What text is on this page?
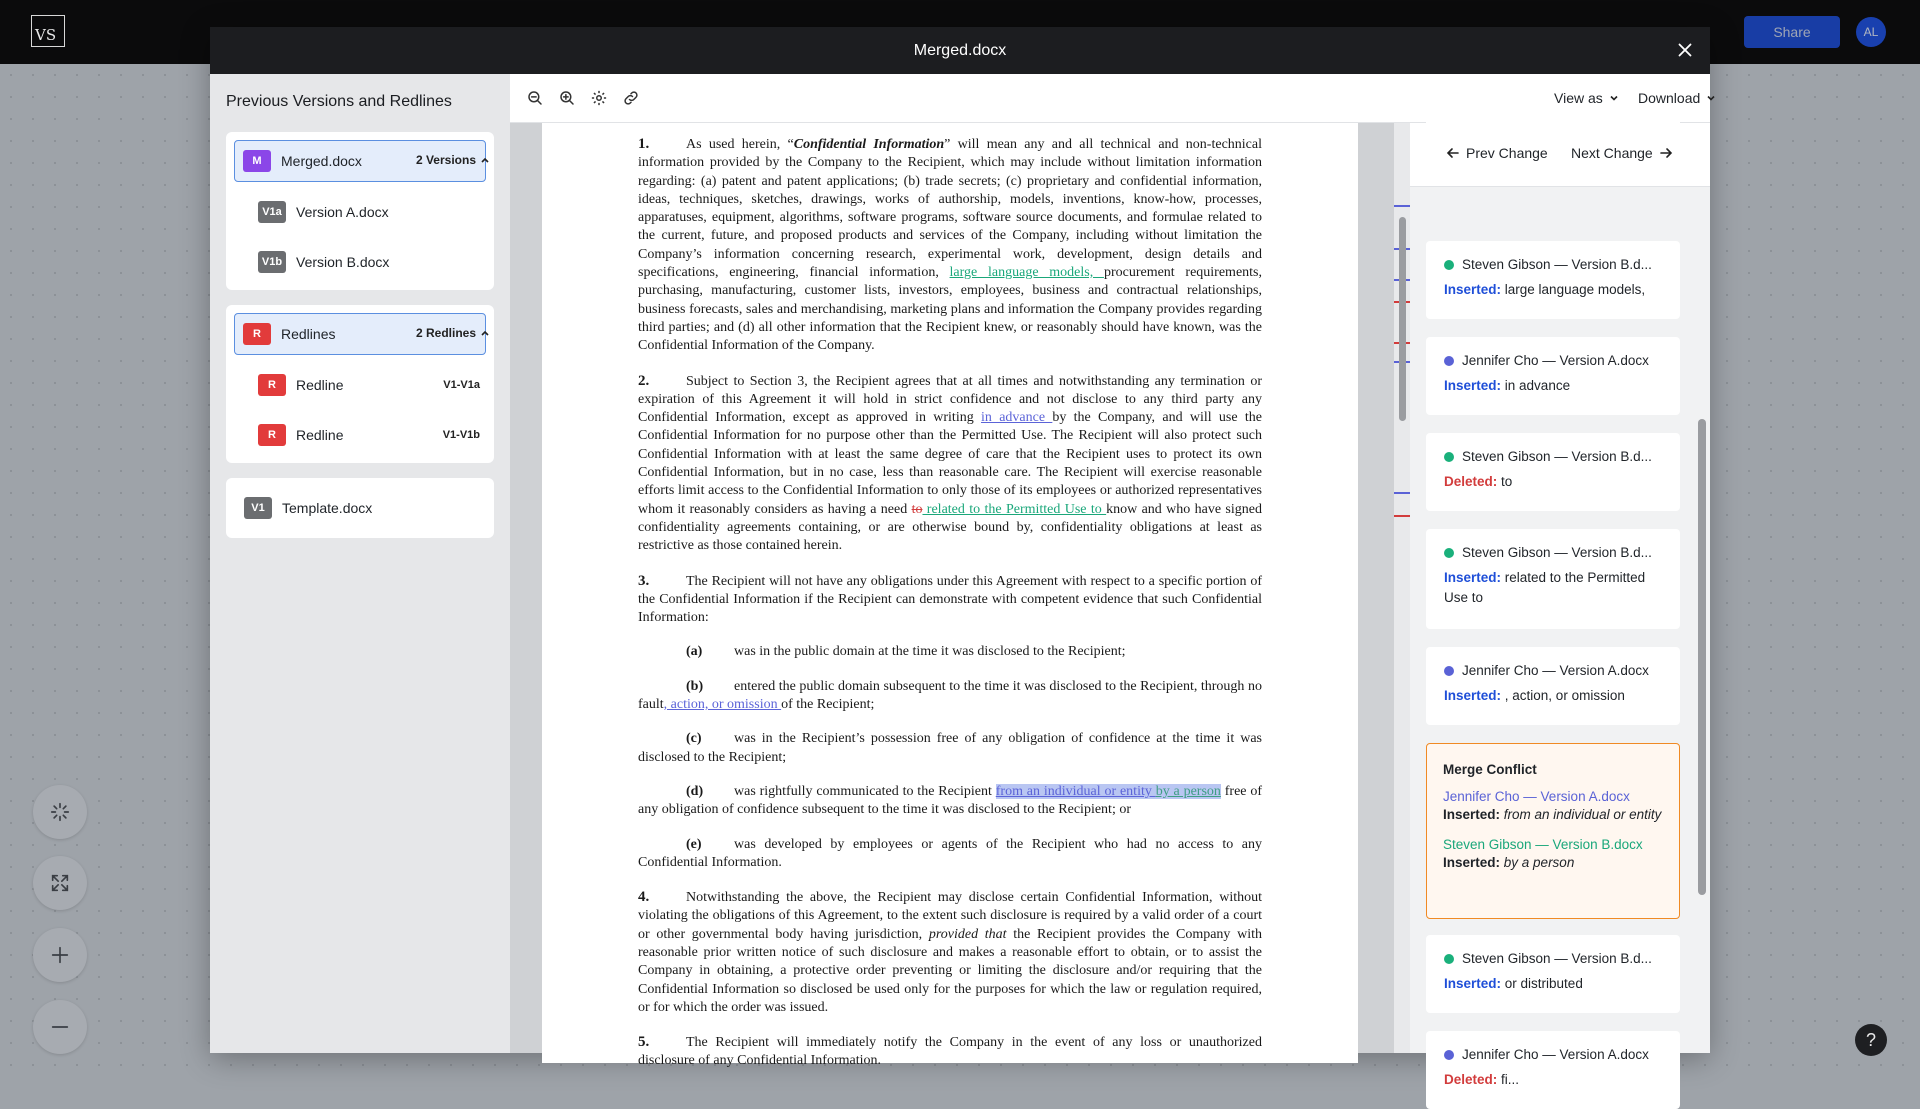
VS	Share	AL
?
Merged.docx
Previous Versions and Redlines
M	Merged.docx	2 Versions
V1a	Version A.docx
V1b Version B.docx
R	Redlines	2 Redlines
R	Redline	V1-V1a
R	Redline	V1-V1b
V1	Template.docx
View as	Download

1.	As used herein, “Confidential Information” will mean any and all technical and non-technical information provided by the Company to the Recipient, which may include without limitation information regarding: (a) patent and patent applications; (b) trade secrets; (c) proprietary and confidential information, ideas, techniques, sketches, drawings, works of authorship, models, inventions, know-how, processes, apparatuses, equipment, algorithms, software programs, software source documents, and formulae related to the current, future, and proposed products and services of the Company, including without limitation the Company’s information concerning research, experimental work, development, design details and specifications, engineering, financial information, large language models, procurement requirements, purchasing, manufacturing, customer lists, investors, employees, business and contractual relationships, business forecasts, sales and merchandising, marketing plans and information the Company provides regarding third parties; and (d) all other information that the Recipient knew, or reasonably should have known, was the Confidential Information of the Company.

2.	Subject to Section 3, the Recipient agrees that at all times and notwithstanding any termination or expiration of this Agreement it will hold in strict confidence and not disclose to any third party any Confidential Information, except as approved in writing in advance by the Company, and will use the Confidential Information for no purpose other than the Permitted Use. The Recipient will also protect such Confidential Information with at least the same degree of care that the Recipient uses to protect its own Confidential Information, but in no case, less than reasonable care. The Recipient will exercise reasonable efforts limit access to the Confidential Information to only those of its employees or authorized representatives whom it reasonably considers as having a need to related to the Permitted Use to know and who have signed confidentiality agreements containing, or are otherwise bound by, confidentiality obligations at least as restrictive as those contained herein.

3.	The Recipient will not have any obligations under this Agreement with respect to a specific portion of the Confidential Information if the Recipient can demonstrate with competent evidence that such Confidential Information:

(a) was in the public domain at the time it was disclosed to the Recipient;

(b) entered the public domain subsequent to the time it was disclosed to the Recipient, through no fault, action, or omission of the Recipient;

(c) was in the Recipient’s possession free of any obligation of confidence at the time it was disclosed to the Recipient;

(d) was rightfully communicated to the Recipient from an individual or entity by a person free of any obligation of confidence subsequent to the time it was disclosed to the Recipient; or

(e) was developed by employees or agents of the Recipient who had no access to any Confidential Information.

4.	Notwithstanding the above, the Recipient may disclose certain Confidential Information, without violating the obligations of this Agreement, to the extent such disclosure is required by a valid order of a court or other governmental body having jurisdiction, provided that the Recipient provides the Company with reasonable prior written notice of such disclosure and makes a reasonable effort to obtain, or to assist the Company in obtaining, a protective order preventing or limiting the disclosure and/or requiring that the Confidential Information so disclosed be used only for the purposes for which the law or regulation required, or for which the order was issued.

5.	The Recipient will immediately notify the Company in the event of any loss or unauthorized disclosure of any Confidential Information.

Prev Change Next Change
Steven Gibson — Version B.d...
Inserted: large language models,
Jennifer Cho — Version A.docx
Inserted: in advance
Steven Gibson — Version B.d...
Deleted: to
Steven Gibson — Version B.d...
Inserted: related to the Permitted Use to
Jennifer Cho — Version A.docx
Inserted: , action, or omission
Merge Conflict
Jennifer Cho — Version A.docx
Inserted: from an individual or entity
Steven Gibson — Version B.docx
Inserted: by a person
Steven Gibson — Version B.d...
Inserted: or distributed
Jennifer Cho — Version A.docx
Deleted: fi...
